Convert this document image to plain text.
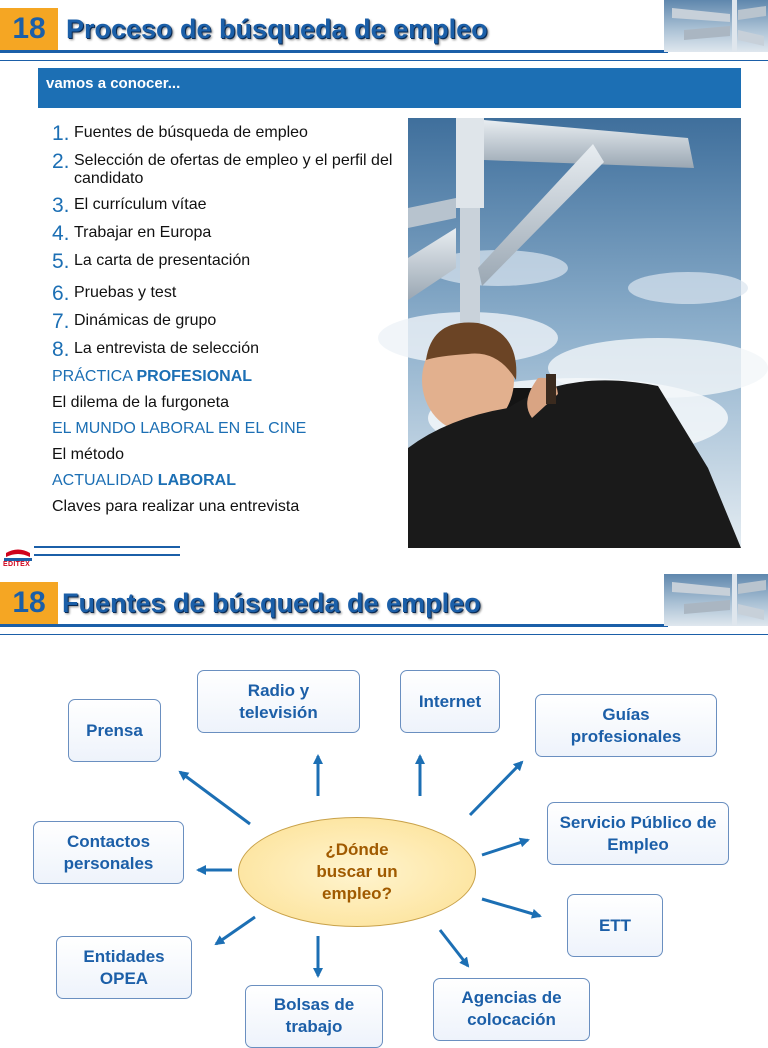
18 Proceso de búsqueda de empleo
vamos a conocer...
1. Fuentes de búsqueda de empleo
2. Selección de ofertas de empleo y el perfil del candidato
3. El currículum vítae
4. Trabajar en Europa
5. La carta de presentación
6. Pruebas y test
7. Dinámicas de grupo
8. La entrevista de selección
PRÁCTICA PROFESIONAL
El dilema de la furgoneta
EL MUNDO LABORAL EN EL CINE
El método
ACTUALIDAD LABORAL
Claves para realizar una entrevista
EDITEX
18 Fuentes de búsqueda de empleo
¿Dónde buscar un empleo?
Prensa
Radio y televisión
Internet
Guías profesionales
Contactos personales
Servicio Público de Empleo
ETT
Entidades OPEA
Bolsas de trabajo
Agencias de colocación
